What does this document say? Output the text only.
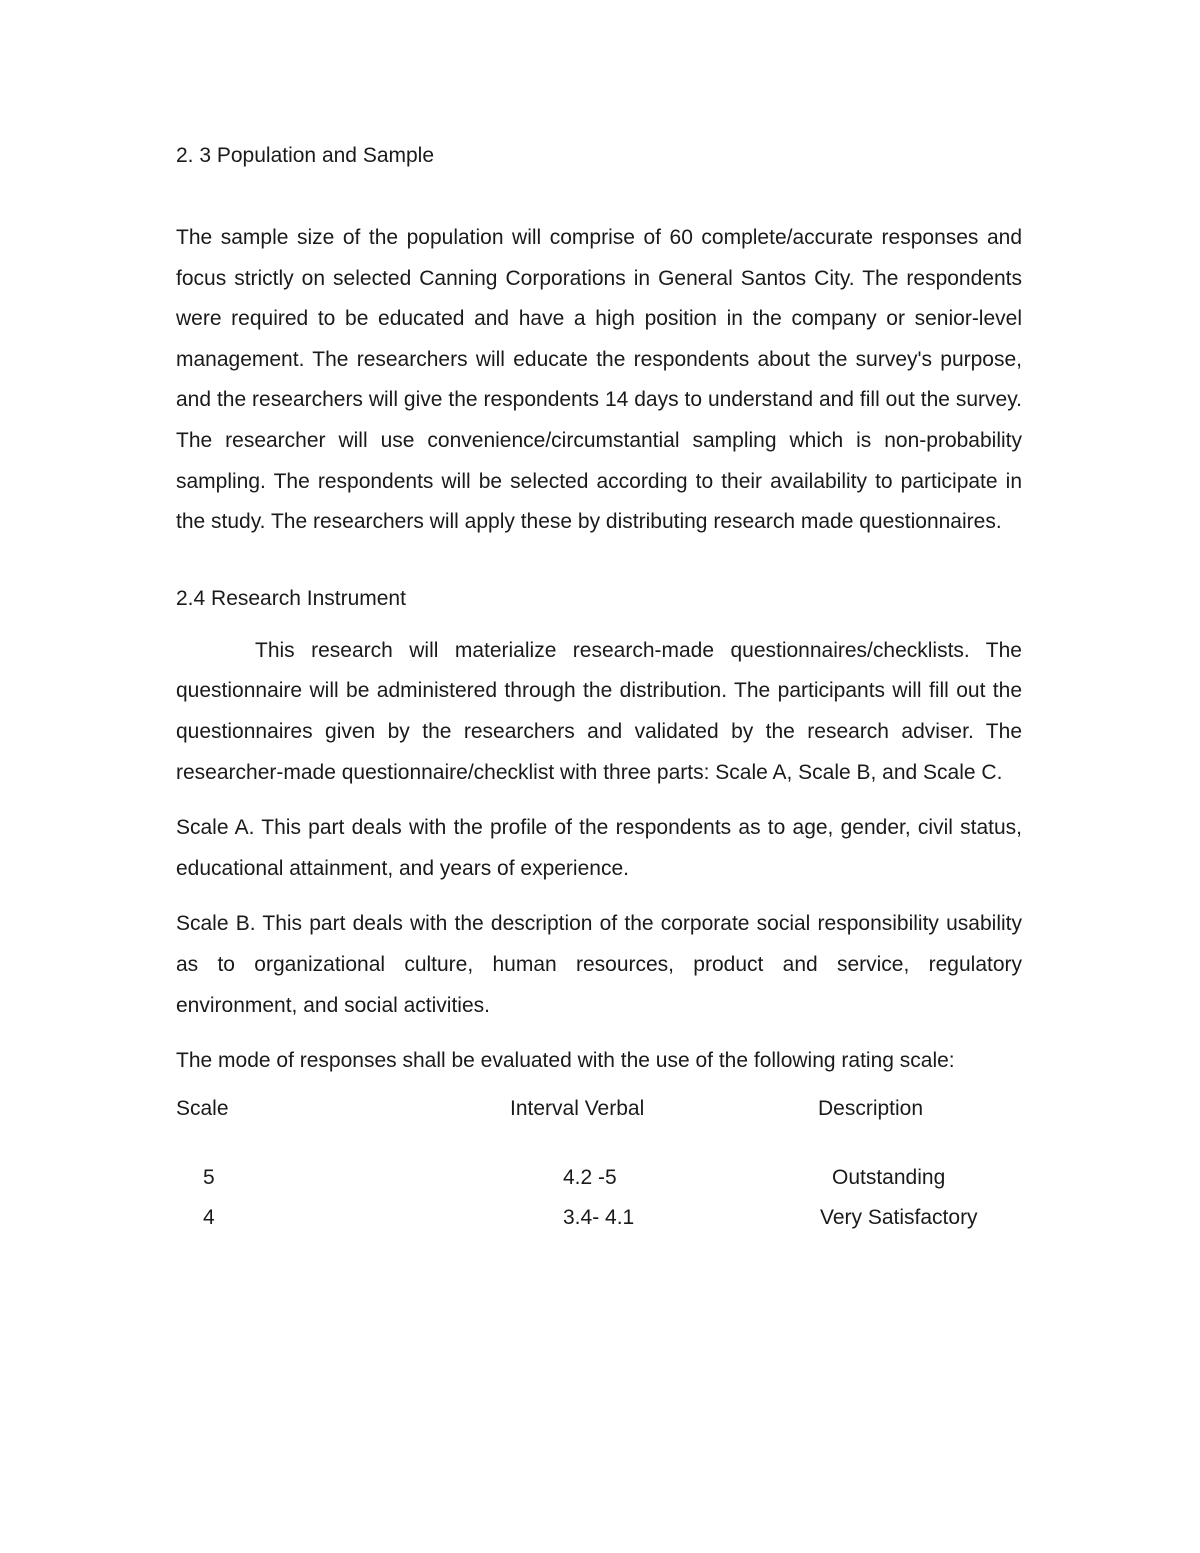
2. 3 Population and Sample

The sample size of the population will comprise of 60 complete/accurate responses and focus strictly on selected Canning Corporations in General Santos City. The respondents were required to be educated and have a high position in the company or senior-level management. The researchers will educate the respondents about the survey's purpose, and the researchers will give the respondents 14 days to understand and fill out the survey. The researcher will use convenience/circumstantial sampling which is non-probability sampling. The respondents will be selected according to their availability to participate in the study. The researchers will apply these by distributing research made questionnaires.

2.4 Research Instrument

This research will materialize research-made questionnaires/checklists. The questionnaire will be administered through the distribution. The participants will fill out the questionnaires given by the researchers and validated by the research adviser. The researcher-made questionnaire/checklist with three parts: Scale A, Scale B, and Scale C.

Scale A. This part deals with the profile of the respondents as to age, gender, civil status, educational attainment, and years of experience.

Scale B. This part deals with the description of the corporate social responsibility usability as to organizational culture, human resources, product and service, regulatory environment, and social activities.

The mode of responses shall be evaluated with the use of the following rating scale:

Scale	Interval Verbal	Description
5	4.2 -5	Outstanding
4	3.4- 4.1	Very Satisfactory
